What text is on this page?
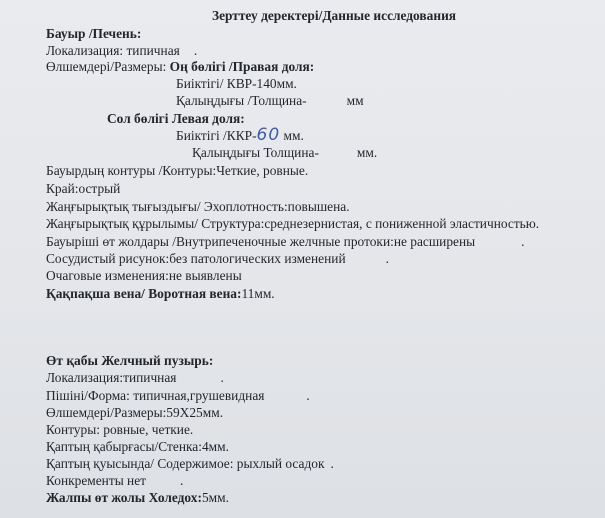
Зерттеу деректері/Данные исследования
Бауыр /Печень:
Локализация: типичная .
Өлшемдері/Размеры: Оң бөлігі /Правая доля:
Биіктігі/ КВР-140мм.
Қалыңдығы /Толщина-	мм
Сол бөлігі Левая доля:
Биіктігі /ККР-60 мм.
Қалыңдығы Толщина-	мм.
Бауырдың контуры /Контуры:Четкие, ровные.
Край:острый
Жаңғырықтық тығыздығы/ Эхоплотность:повышена.
Жаңғырықтық құрылымы/ Структура:среднезернистая, с пониженной эластичностью.
Бауырішi өт жолдары /Внутрипеченочные желчные протоки:не расширены	.
Сосудистый рисунок:без патологических изменений	.
Очаговые изменения:не выявлены
Қақпақша вена/ Воротная вена:11мм.
Өт қабы Желчный пузырь:
Локализация:типичная	.
Пiшiнi/Форма: типичная,грушевидная	.
Өлшемдері/Размеры:59Х25мм.
Контуры: ровные, четкие.
Қаптың қабырғасы/Стенка:4мм.
Қаптың қуысында/ Содержимое: рыхлый осадок .
Конкременты нет	.
Жалпы өт жолы Холедох:5мм.
